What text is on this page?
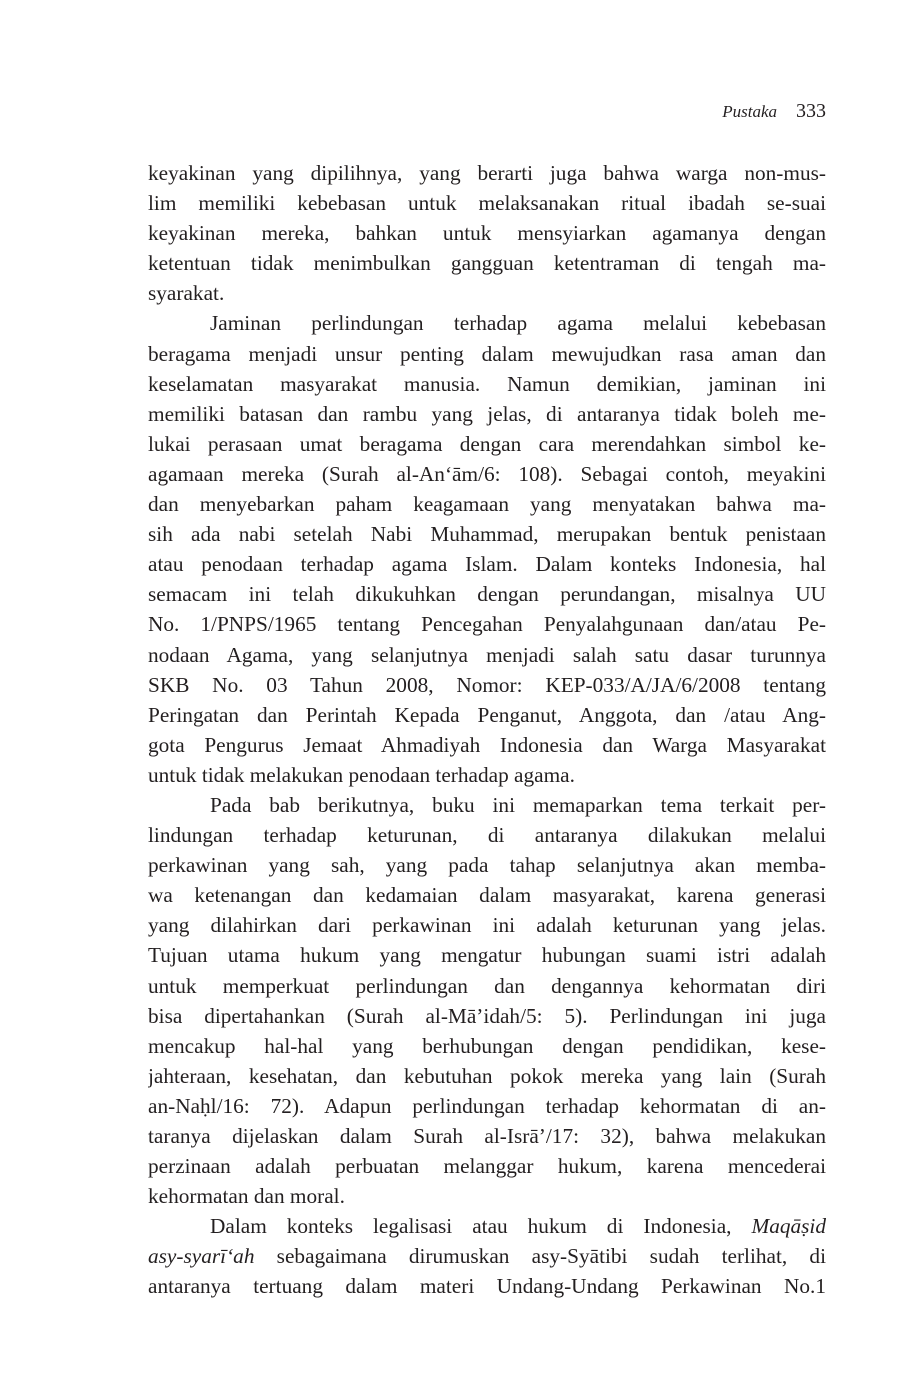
Pustaka 333

keyakinan yang dipilihnya, yang berarti juga bahwa warga non-mus-
lim memiliki kebebasan untuk melaksanakan ritual ibadah se-suai
keyakinan mereka, bahkan untuk mensyiarkan agamanya dengan
ketentuan tidak menimbulkan gangguan ketentraman di tengah ma-
syarakat.

Jaminan perlindungan terhadap agama melalui kebebasan
beragama menjadi unsur penting dalam mewujudkan rasa aman dan
keselamatan masyarakat manusia. Namun demikian, jaminan ini
memiliki batasan dan rambu yang jelas, di antaranya tidak boleh me-
lukai perasaan umat beragama dengan cara merendahkan simbol ke-
agamaan mereka (Surah al-An‘ām/6: 108). Sebagai contoh, meyakini
dan menyebarkan paham keagamaan yang menyatakan bahwa ma-
sih ada nabi setelah Nabi Muhammad, merupakan bentuk penistaan
atau penodaan terhadap agama Islam. Dalam konteks Indonesia, hal
semacam ini telah dikukuhkan dengan perundangan, misalnya UU
No. 1/PNPS/1965 tentang Pencegahan Penyalahgunaan dan/atau Pe-
nodaan Agama, yang selanjutnya menjadi salah satu dasar turunnya
SKB No. 03 Tahun 2008, Nomor: KEP-033/A/JA/6/2008 tentang
Peringatan dan Perintah Kepada Penganut, Anggota, dan /atau Ang-
gota Pengurus Jemaat Ahmadiyah Indonesia dan Warga Masyarakat
untuk tidak melakukan penodaan terhadap agama.

Pada bab berikutnya, buku ini memaparkan tema terkait per-
lindungan terhadap keturunan, di antaranya dilakukan melalui
perkawinan yang sah, yang pada tahap selanjutnya akan memba-
wa ketenangan dan kedamaian dalam masyarakat, karena generasi
yang dilahirkan dari perkawinan ini adalah keturunan yang jelas.
Tujuan utama hukum yang mengatur hubungan suami istri adalah
untuk memperkuat perlindungan dan dengannya kehormatan diri
bisa dipertahankan (Surah al-Mā’idah/5: 5). Perlindungan ini juga
mencakup hal-hal yang berhubungan dengan pendidikan, kese-
jahteraan, kesehatan, dan kebutuhan pokok mereka yang lain (Surah
an-Naḥl/16: 72). Adapun perlindungan terhadap kehormatan di an-
taranya dijelaskan dalam Surah al-Isrā’/17: 32), bahwa melakukan
perzinaan adalah perbuatan melanggar hukum, karena mencederai
kehormatan dan moral.

Dalam konteks legalisasi atau hukum di Indonesia, Maqāṣid
asy-syarī‘ah sebagaimana dirumuskan asy-Syātibi sudah terlihat, di
antaranya tertuang dalam materi Undang-Undang Perkawinan No.1
